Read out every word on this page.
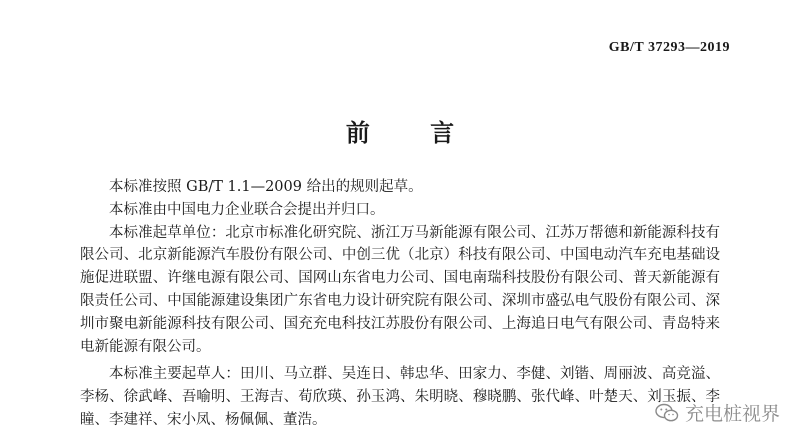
GB/T 37293—2019
前 言

本标准按照 GB/T 1.1—2009 给出的规则起草。

本标准由中国电力企业联合会提出并归口。

本标准起草单位：北京市标准化研究院、浙江万马新能源有限公司、江苏万帮德和新能源科技有限公司、北京新能源汽车股份有限公司、中创三优（北京）科技有限公司、中国电动汽车充电基础设施促进联盟、许继电源有限公司、国网山东省电力公司、国电南瑞科技股份有限公司、普天新能源有限责任公司、中国能源建设集团广东省电力设计研究院有限公司、深圳市盛弘电气股份有限公司、深圳市聚电新能源科技有限公司、国充充电科技江苏股份有限公司、上海追日电气有限公司、青岛特来电新能源有限公司。

本标准主要起草人：田川、马立群、吴连日、韩忠华、田家力、李健、刘锴、周丽波、高竞溢、李杨、徐武峰、吾喻明、王海吉、荀欣瑛、孙玉鸿、朱明晓、穆晓鹏、张代峰、叶楚天、刘玉振、李瞳、李建祥、宋小凤、杨佩佩、董浩。	充电桩视界
